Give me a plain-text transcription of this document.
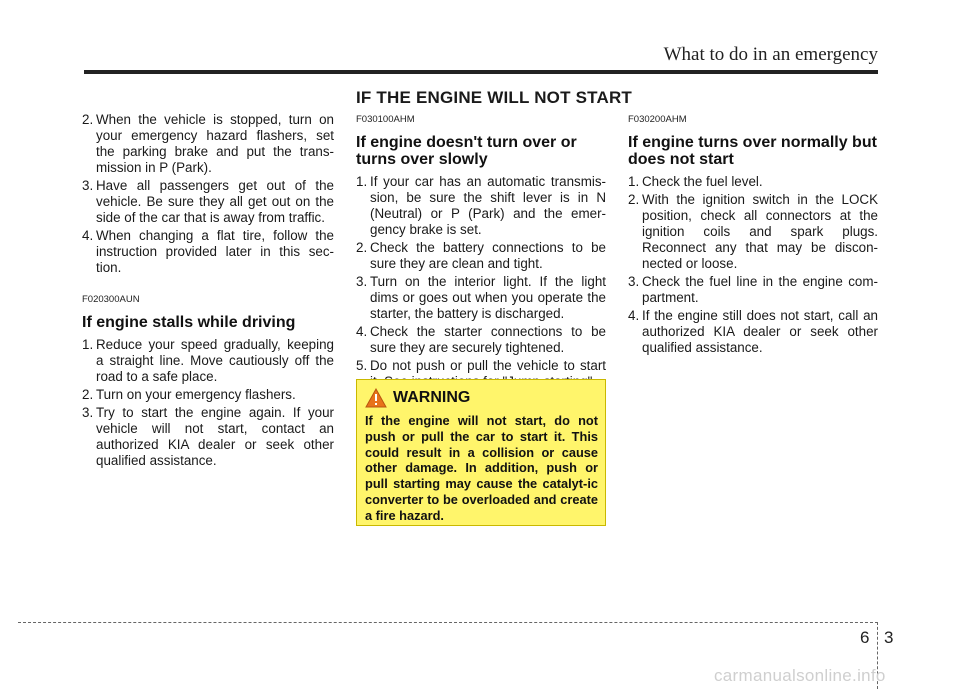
What to do in an emergency
IF THE ENGINE WILL NOT START
2. When the vehicle is stopped, turn on your emergency hazard flashers, set the parking brake and put the trans-mission in P (Park).
3. Have all passengers get out of the vehicle. Be sure they all get out on the side of the car that is away from traffic.
4. When changing a flat tire, follow the instruction provided later in this sec-tion.
F020300AUN
If engine stalls while driving
1. Reduce your speed gradually, keeping a straight line. Move cautiously off the road to a safe place.
2. Turn on your emergency flashers.
3. Try to start the engine again. If your vehicle will not start, contact an authorized KIA dealer or seek other qualified assistance.
F030100AHM
If engine doesn't turn over or turns over slowly
1. If your car has an automatic transmis-sion, be sure the shift lever is in N (Neutral) or P (Park) and the emer-gency brake is set.
2. Check the battery connections to be sure they are clean and tight.
3. Turn on the interior light. If the light dims or goes out when you operate the starter, the battery is discharged.
4. Check the starter connections to be sure they are securely tightened.
5. Do not push or pull the vehicle to start
WARNING
If the engine will not start, do not push or pull the car to start it. This could result in a collision or cause other damage. In addition, push or pull starting may cause the catalyt-ic converter to be overloaded and create a fire hazard.
F030200AHM
If engine turns over normally but does not start
1. Check the fuel level.
2. With the ignition switch in the LOCK position, check all connectors at the ignition coils and spark plugs. Reconnect any that may be discon-nected or loose.
3. Check the fuel line in the engine com-partment.
4. If the engine still does not start, call an authorized KIA dealer or seek other qualified assistance.
6 3
carmanualsonline.info
